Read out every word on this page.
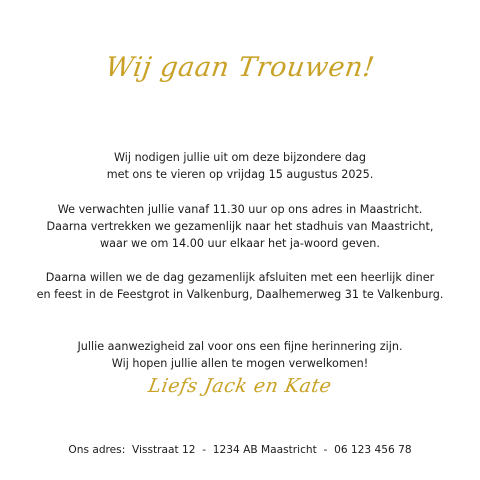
Wij gaan Trouwen!
Wij nodigen jullie uit om deze bijzondere dag
met ons te vieren op vrijdag 15 augustus 2025.
We verwachten jullie vanaf 11.30 uur op ons adres in Maastricht.
Daarna vertrekken we gezamenlijk naar het stadhuis van Maastricht,
waar we om 14.00 uur elkaar het ja-woord geven.
Daarna willen we de dag gezamenlijk afsluiten met een heerlijk diner
en feest in de Feestgrot in Valkenburg, Daalhemerweg 31 te Valkenburg.
Jullie aanwezigheid zal voor ons een fijne herinnering zijn.
Wij hopen jullie allen te mogen verwelkomen!
Liefs Jack en Kate
Ons adres:  Visstraat 12  -  1234 AB Maastricht  -  06 123 456 78
